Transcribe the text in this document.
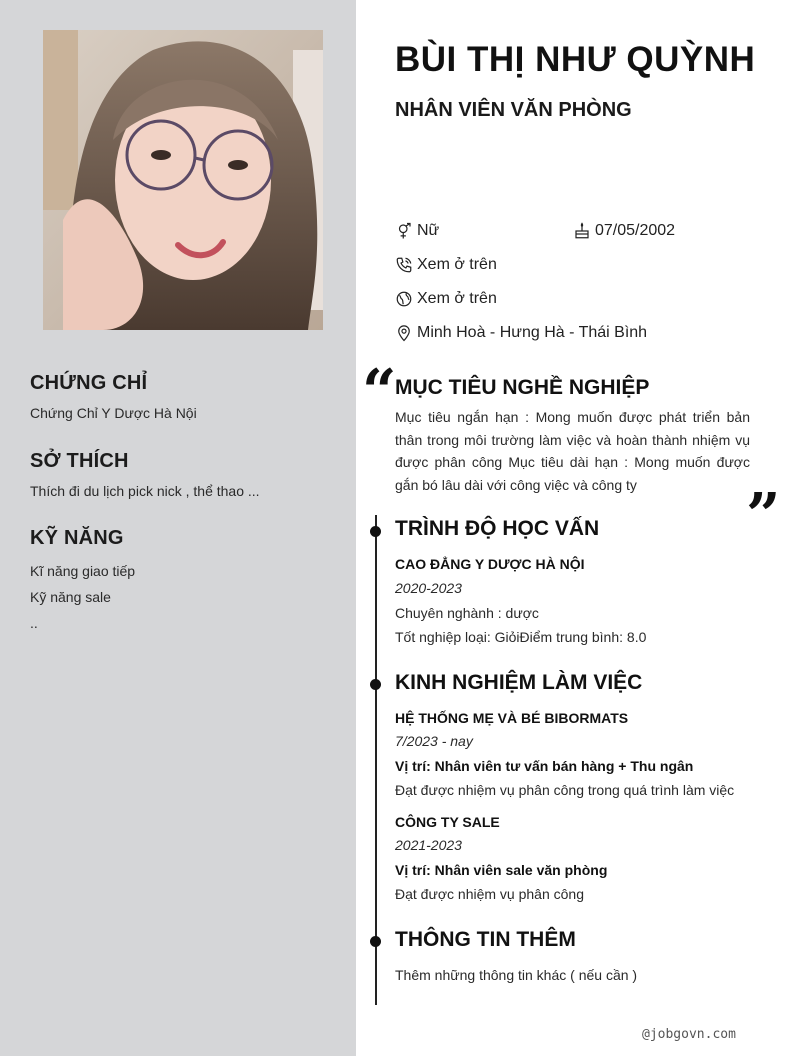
CHỨNG CHỈ
Chứng Chỉ Y Dược Hà Nội
SỞ THÍCH
Thích đi du lịch pick nick , thể thao ...
KỸ NĂNG
Kĩ năng giao tiếp
Kỹ năng sale
..
BÙI THỊ NHƯ QUỲNH
NHÂN VIÊN VĂN PHÒNG
Nữ	07/05/2002
Xem ở trên
Xem ở trên
Minh Hoà - Hưng Hà - Thái Bình
“
MỤC TIÊU NGHỀ NGHIỆP
Mục tiêu ngắn hạn : Mong muốn được phát triển bản thân trong môi trường làm việc và hoàn thành nhiệm vụ được phân công Mục tiêu dài hạn : Mong muốn được gắn bó lâu dài với công việc và công ty	”
TRÌNH ĐỘ HỌC VẤN
CAO ĐẲNG Y DƯỢC HÀ NỘI
2020-2023
Chuyên nghành : dược
Tốt nghiệp loại: GiỏiĐiểm trung bình: 8.0
KINH NGHIỆM LÀM VIỆC
HỆ THỐNG MẸ VÀ BÉ BIBORMATS
7/2023 - nay
Vị trí: Nhân viên tư vấn bán hàng + Thu ngân
Đạt được nhiệm vụ phân công trong quá trình làm việc
CÔNG TY SALE
2021-2023
Vị trí: Nhân viên sale văn phòng
Đạt được nhiệm vụ phân công
THÔNG TIN THÊM
Thêm những thông tin khác ( nếu cần )
@jobgovn.com
